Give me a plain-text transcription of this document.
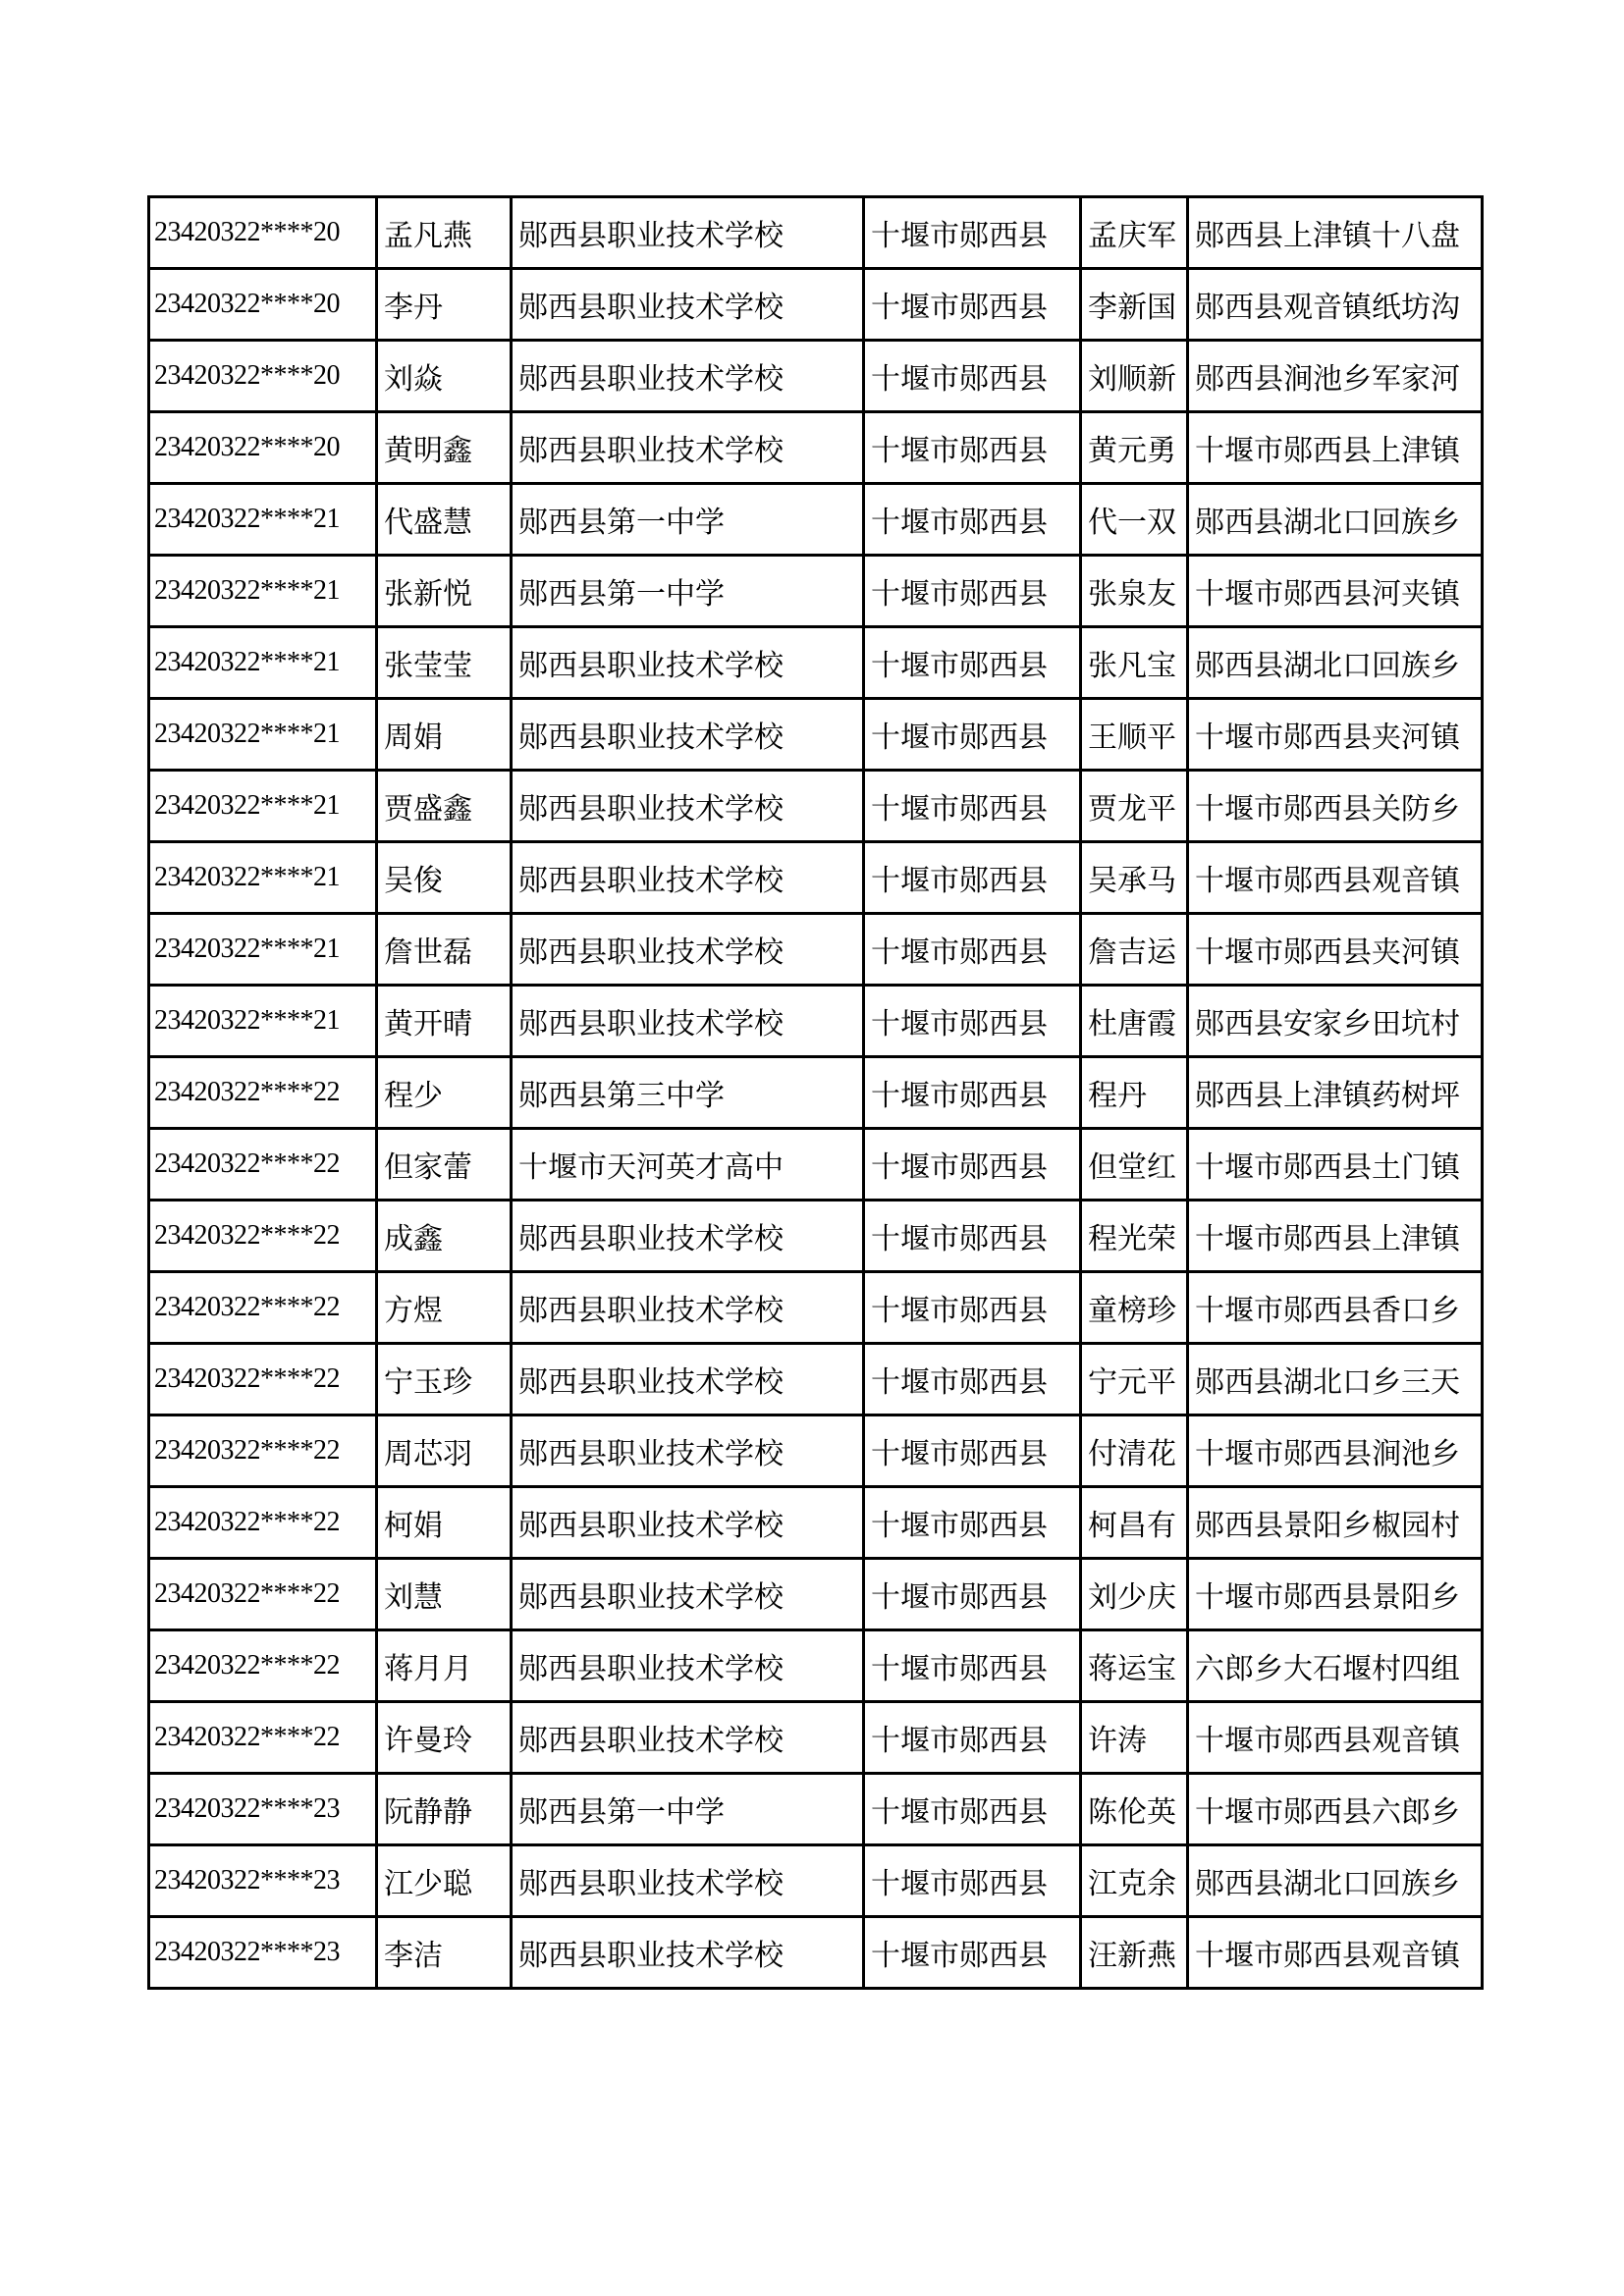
23420322****20	孟凡燕	郧西县职业技术学校	十堰市郧西县	孟庆军	郧西县上津镇十八盘
23420322****20	李丹	郧西县职业技术学校	十堰市郧西县	李新国	郧西县观音镇纸坊沟
23420322****20	刘焱	郧西县职业技术学校	十堰市郧西县	刘顺新	郧西县涧池乡军家河
23420322****20	黄明鑫	郧西县职业技术学校	十堰市郧西县	黄元勇	十堰市郧西县上津镇
23420322****21	代盛慧	郧西县第一中学	十堰市郧西县	代一双	郧西县湖北口回族乡
23420322****21	张新悦	郧西县第一中学	十堰市郧西县	张泉友	十堰市郧西县河夹镇
23420322****21	张莹莹	郧西县职业技术学校	十堰市郧西县	张凡宝	郧西县湖北口回族乡
23420322****21	周娟	郧西县职业技术学校	十堰市郧西县	王顺平	十堰市郧西县夹河镇
23420322****21	贾盛鑫	郧西县职业技术学校	十堰市郧西县	贾龙平	十堰市郧西县关防乡
23420322****21	吴俊	郧西县职业技术学校	十堰市郧西县	吴承马	十堰市郧西县观音镇
23420322****21	詹世磊	郧西县职业技术学校	十堰市郧西县	詹吉运	十堰市郧西县夹河镇
23420322****21	黄开晴	郧西县职业技术学校	十堰市郧西县	杜唐霞	郧西县安家乡田坑村
23420322****22	程少	郧西县第三中学	十堰市郧西县	程丹	郧西县上津镇药树坪
23420322****22	但家蕾	十堰市天河英才高中	十堰市郧西县	但堂红	十堰市郧西县土门镇
23420322****22	成鑫	郧西县职业技术学校	十堰市郧西县	程光荣	十堰市郧西县上津镇
23420322****22	方煜	郧西县职业技术学校	十堰市郧西县	童榜珍	十堰市郧西县香口乡
23420322****22	宁玉珍	郧西县职业技术学校	十堰市郧西县	宁元平	郧西县湖北口乡三天
23420322****22	周芯羽	郧西县职业技术学校	十堰市郧西县	付清花	十堰市郧西县涧池乡
23420322****22	柯娟	郧西县职业技术学校	十堰市郧西县	柯昌有	郧西县景阳乡椒园村
23420322****22	刘慧	郧西县职业技术学校	十堰市郧西县	刘少庆	十堰市郧西县景阳乡
23420322****22	蒋月月	郧西县职业技术学校	十堰市郧西县	蒋运宝	六郎乡大石堰村四组
23420322****22	许曼玲	郧西县职业技术学校	十堰市郧西县	许涛	十堰市郧西县观音镇
23420322****23	阮静静	郧西县第一中学	十堰市郧西县	陈伦英	十堰市郧西县六郎乡
23420322****23	江少聪	郧西县职业技术学校	十堰市郧西县	江克余	郧西县湖北口回族乡
23420322****23	李洁	郧西县职业技术学校	十堰市郧西县	汪新燕	十堰市郧西县观音镇
